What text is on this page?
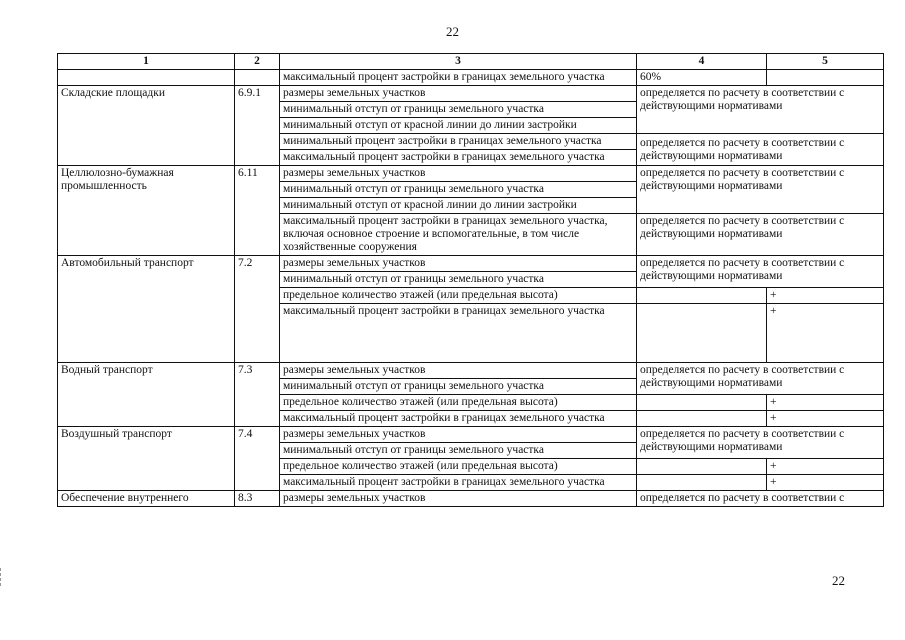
22
1	2	3	4	5
		максимальный процент застройки в границах земельного участка	60%	
Складские площадки	6.9.1	размеры земельных участков	определяется по расчету в соответствии с действующими нормативами	
		минимальный отступ от границы земельного участка		
		минимальный отступ от красной линии до линии застройки		
		минимальный процент застройки в границах земельного участка	определяется по расчету в соответствии с действующими нормативами	
		максимальный процент застройки в границах земельного участка		
Целлюлозно-бумажная промышленность	6.11	размеры земельных участков	определяется по расчету в соответствии с действующими нормативами	
		минимальный отступ от границы земельного участка		
		минимальный отступ от красной линии до линии застройки		
		максимальный процент застройки в границах земельного участка, включая основное строение и вспомогательные, в том числе хозяйственные сооружения	определяется по расчету в соответствии с действующими нормативами	
Автомобильный транспорт	7.2	размеры земельных участков	определяется по расчету в соответствии с действующими нормативами	
		минимальный отступ от границы земельного участка		
		предельное количество этажей (или предельная высота)		+
		максимальный процент застройки в границах земельного участка		+
Водный транспорт	7.3	размеры земельных участков	определяется по расчету в соответствии с действующими нормативами	
		минимальный отступ от границы земельного участка		
		предельное количество этажей (или предельная высота)		+
		максимальный процент застройки в границах земельного участка		+
Воздушный транспорт	7.4	размеры земельных участков	определяется по расчету в соответствии с действующими нормативами	
		минимальный отступ от границы земельного участка		
		предельное количество этажей (или предельная высота)		+
		максимальный процент застройки в границах земельного участка		+
Обеспечение внутреннего	8.3	размеры земельных участков	определяется по расчету в соответствии с	
22
